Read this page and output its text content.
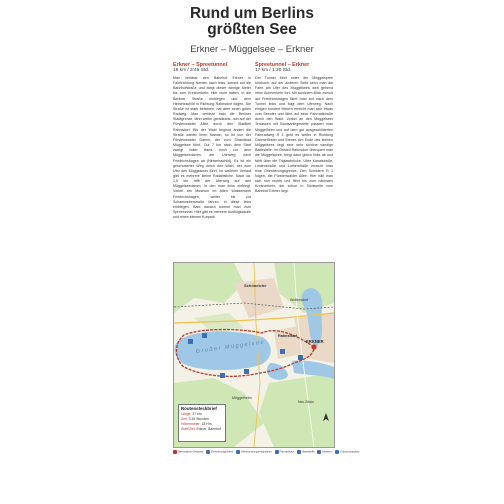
Rund um Berlins
größten See
Erkner – Müggelsee – Erkner
Erkner – Spreetunnel
18 km / 3:45 Std.
Man verlässt den Bahnhof Erkner in Fahrtrichtung Norden nach links, kommt auf die Bahnhofstraße und biegt dieser wenige Meter bis zum Kreisverkehr. Hier nicht halten, in die Berliner Straße einbiegen und dem Hinweisschild in Richtung Rahnsdorf folgen. Die Straße ist stark befahren, hat aber einen guten Radweg. Man verlässt bald die Berliner Stadtgrenze, fährt weiter geradeaus, nun auf der Fürstenwalder Allee durch den Stadtteil Rahnsdorf. Bis der Wald beginnt ändert die Straße wieder ihren Namen, so ist nun der Fürstenwalder Damm, der zum Strandbad Müggelsee führt. Gut 7 km nach dem Start zweigt linker Hand, noch vor dem Müggelseedamm, der Uferweg nach Friedrichshagen ab (Hinweisschild). Es ist ein geschotterter Weg durch den Wald, der zum Ufer des Müggelsees führt. Im weiteren Verlauf gibt es mehrere kleine Radabstiche. Nach ca. 1,5 km trifft der Uferweg auf den Müggelseedamm, in den man links einbiegt. Vorbei am Museum im Alten Wasserwerk Friedrichshagen, weiter bis zur Schamweberstraße fahren, in diese links einbiegen. Bald danach kommt man zum Spreetunnel. Hier gibt es mehrere Ausflugslokale und einen kleinen Kurpark.
Spreetunnel – Erkner
17 km / 1:30 Std.
Der Tunnel führt unter der Müggelspree hindurch, auf der anderen Seite setzt man die Fahrt am Ufer des Müggelsees weit gehend ohne Autoverkehr fort. Mit schönem Blick zurück auf Friedrichshagen fährt man auf nach dem Tunnel links und folgt dem Uferweg. Nach einigen hundert Metern erreicht man sich etwas vom Seeufer und fährt auf einer Fahrradstraße durch den Wald. Vorbei an den Müggelseer Terrassen mit Bootsanlegestelle passiert man Müggelheim und auf dem gut ausgeschilderten Fahrradweg R 1 geht es weiter in Richtung Dahmeförster und Erkner. Am Ende des kleinen Müggelsees liegt eine sehr schöne sandige Badestelle. Im Ortsteil Rahnsdorf überquert man die Müggelspree, biegt dann gleich links ab und fährt über die Triglawbrücke. Über Kanalstraße, Lindenstraße und Lutherstraße erreicht man eine Orientierungsgrenze. Den Schildern R 1 folgen, die Fürstenwalder Allee. Hier hält man sich nun rechts und fährt bis zum nächsten Kreisverkehr, der schon in Sichtweite vom Bahnhof Erkner liegt.
Schöneiche
Woltersdorf
Großer Müggelsee
Rahnsdorf
ERKNER
Müggelheim
Neu Zittau
Routensteckbrief
Länge: 37 km
Zeit: 3,15 Stunden
Höhenmeter: 18 Hm
Start/Ziel: Erkner, Bahnhof
Besonderes Gebäude	Einkehrmöglichkeit	Übernachtungsmöglichkeit	Fahrradhaus	Badestelle	Museum	Kulturschauplatz
